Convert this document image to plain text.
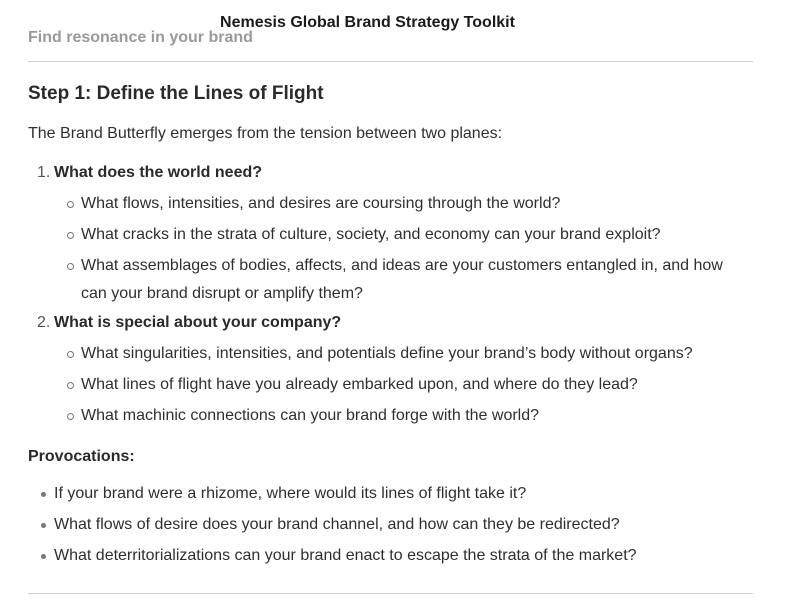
Find resonance in your brand
Nemesis Global Brand Strategy Toolkit
Step 1: Define the Lines of Flight

The Brand Butterfly emerges from the tension between two planes:

1. What does the world need?
What flows, intensities, and desires are coursing through the world?
What cracks in the strata of culture, society, and economy can your brand exploit?
What assemblages of bodies, affects, and ideas are your customers entangled in, and how can your brand disrupt or amplify them?
2. What is special about your company?
What singularities, intensities, and potentials define your brand’s body without organs?
What lines of flight have you already embarked upon, and where do they lead?
What machinic connections can your brand forge with the world?
Provocations:
If your brand were a rhizome, where would its lines of flight take it?
What flows of desire does your brand channel, and how can they be redirected?
What deterritorializations can your brand enact to escape the strata of the market?
